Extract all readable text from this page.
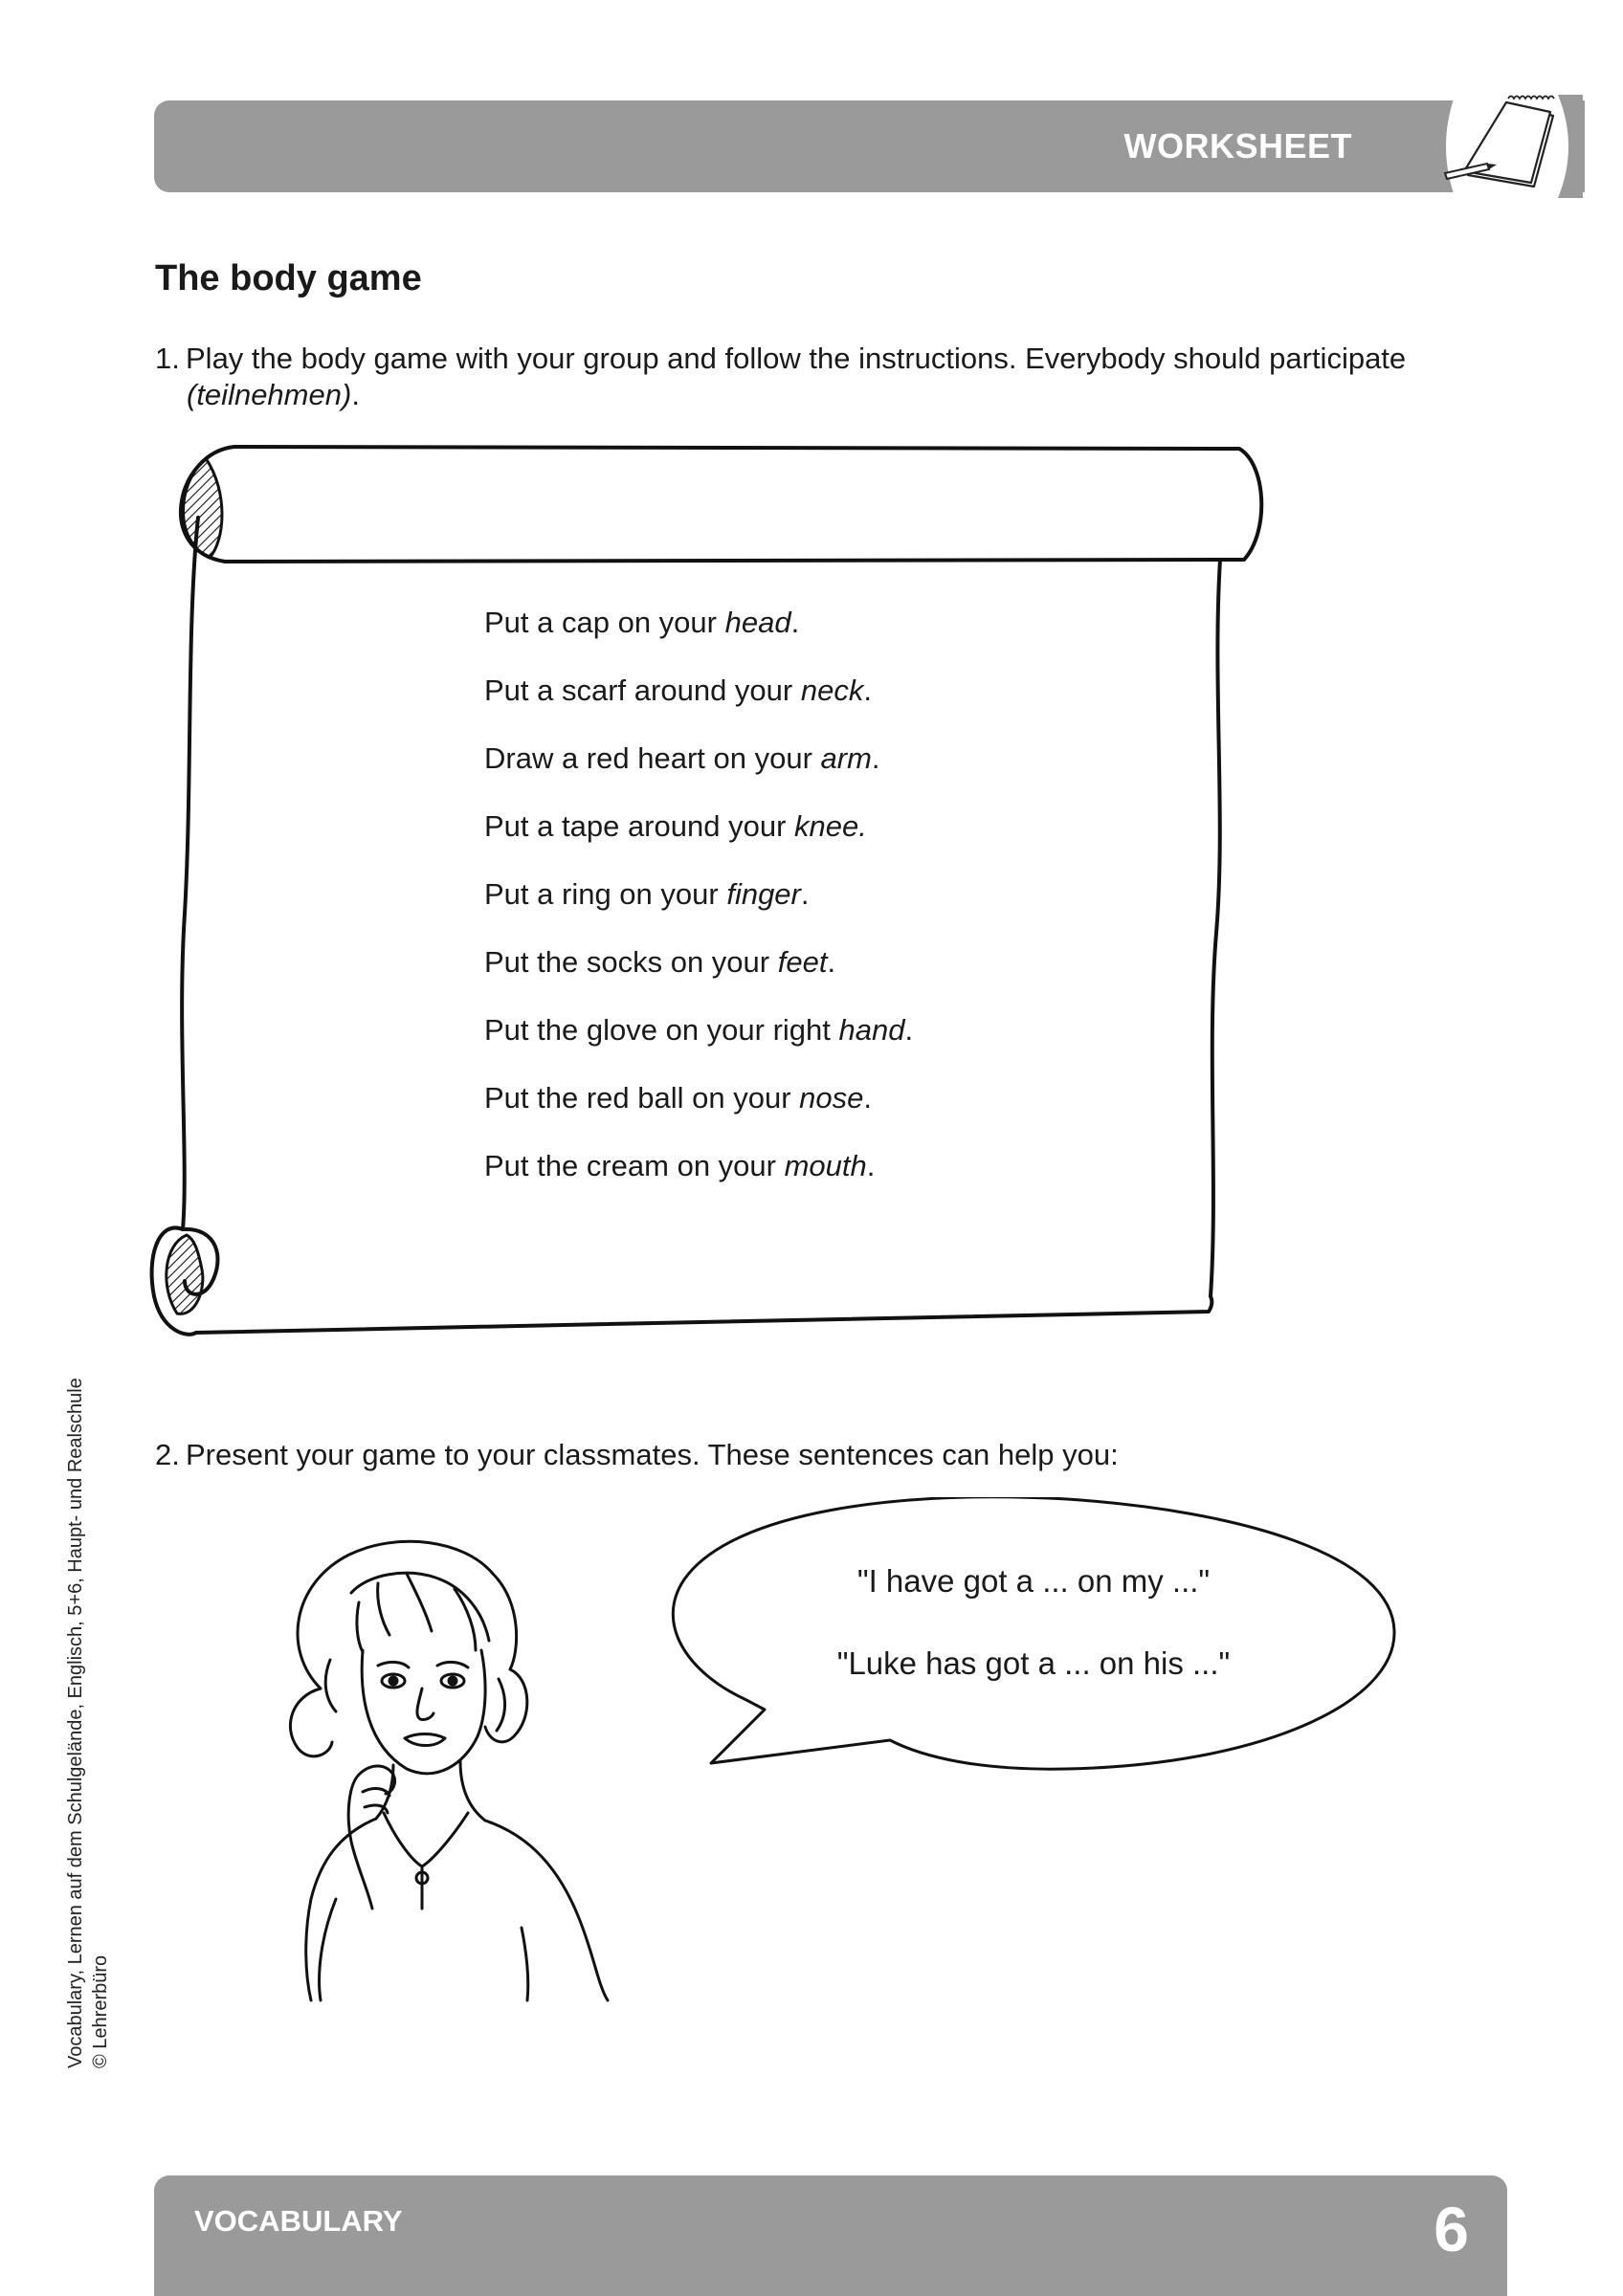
WORKSHEET
The body game
1. Play the body game with your group and follow the instructions. Everybody should participate
(teilnehmen).
Put a cap on your head.
Put a scarf around your neck.
Draw a red heart on your arm.
Put a tape around your knee.
Put a ring on your finger.
Put the socks on your feet.
Put the glove on your right hand.
Put the red ball on your nose.
Put the cream on your mouth.
2. Present your game to your classmates. These sentences can help you:
"I have got a ... on my ..."
"Luke has got a ... on his ..."
Vocabulary, Lernen auf dem Schulgelände, Englisch, 5+6, Haupt- und Realschule © Lehrerbüro
VOCABULARY	6
